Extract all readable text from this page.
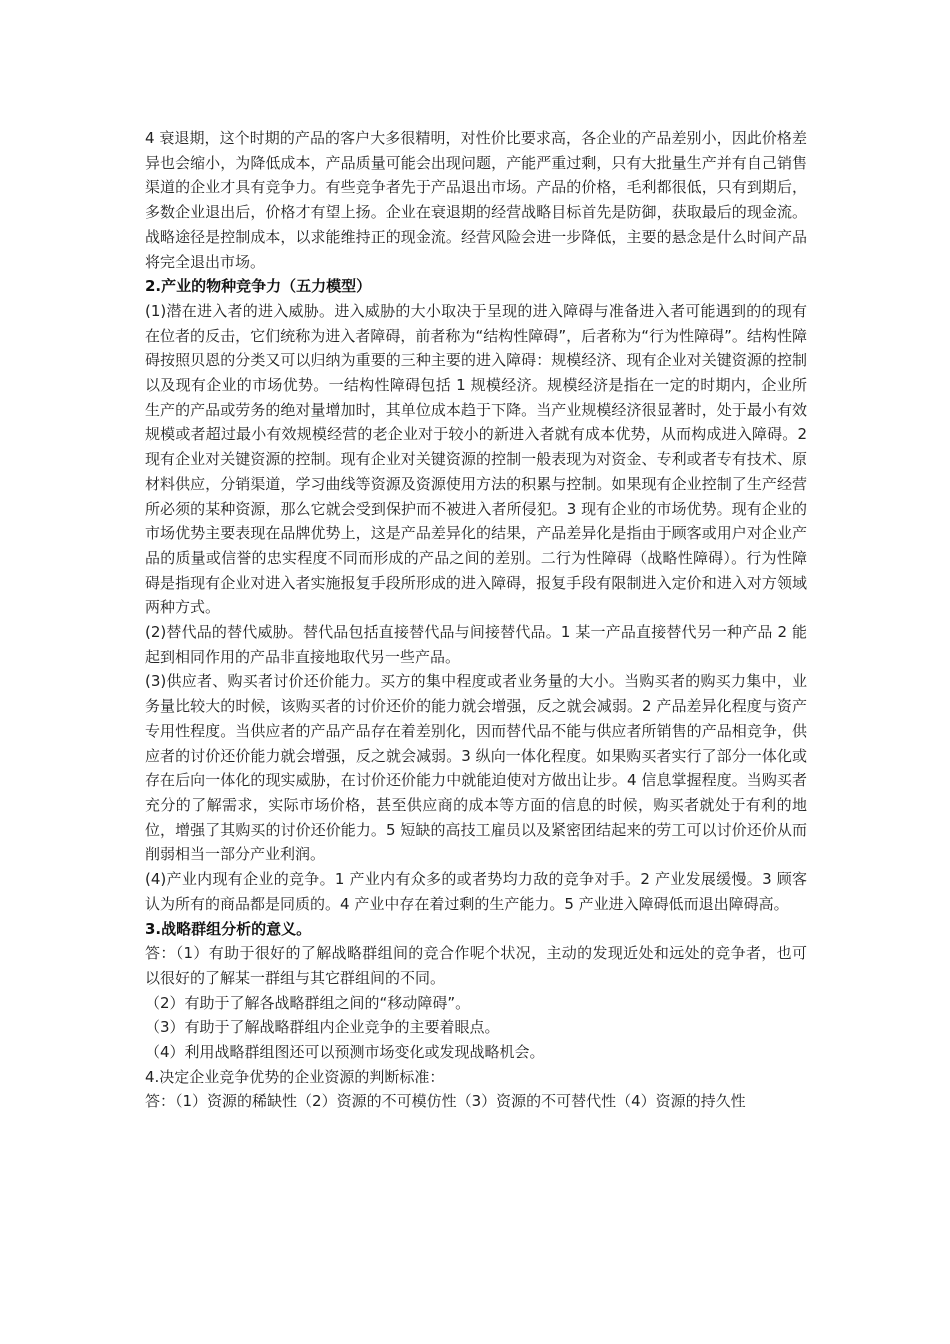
4 衰退期，这个时期的产品的客户大多很精明，对性价比要求高，各企业的产品差别小，因此价格差异也会缩小，为降低成本，产品质量可能会出现问题，产能严重过剩，只有大批量生产并有自己销售渠道的企业才具有竞争力。有些竞争者先于产品退出市场。产品的价格，毛利都很低，只有到期后，多数企业退出后，价格才有望上扬。企业在衰退期的经营战略目标首先是防御，获取最后的现金流。战略途径是控制成本，以求能维持正的现金流。经营风险会进一步降低，主要的悬念是什么时间产品将完全退出市场。

2.产业的物种竞争力（五力模型）

(1)潜在进入者的进入威胁。进入威胁的大小取决于呈现的进入障碍与准备进入者可能遇到的的现有在位者的反击，它们统称为进入者障碍，前者称为“结构性障碍”，后者称为“行为性障碍”。结构性障碍按照贝恩的分类又可以归纳为重要的三种主要的进入障碍：规模经济、现有企业对关键资源的控制以及现有企业的市场优势。一结构性障碍包括 1 规模经济。规模经济是指在一定的时期内，企业所生产的产品或劳务的绝对量增加时，其单位成本趋于下降。当产业规模经济很显著时，处于最小有效规模或者超过最小有效规模经营的老企业对于较小的新进入者就有成本优势，从而构成进入障碍。2 现有企业对关键资源的控制。现有企业对关键资源的控制一般表现为对资金、专利或者专有技术、原材料供应，分销渠道，学习曲线等资源及资源使用方法的积累与控制。如果现有企业控制了生产经营所必须的某种资源，那么它就会受到保护而不被进入者所侵犯。3 现有企业的市场优势。现有企业的市场优势主要表现在品牌优势上，这是产品差异化的结果，产品差异化是指由于顾客或用户对企业产品的质量或信誉的忠实程度不同而形成的产品之间的差别。二行为性障碍（战略性障碍）。行为性障碍是指现有企业对进入者实施报复手段所形成的进入障碍，报复手段有限制进入定价和进入对方领域两种方式。

(2)替代品的替代威胁。替代品包括直接替代品与间接替代品。1 某一产品直接替代另一种产品 2 能起到相同作用的产品非直接地取代另一些产品。

(3)供应者、购买者讨价还价能力。买方的集中程度或者业务量的大小。当购买者的购买力集中，业务量比较大的时候，该购买者的讨价还价的能力就会增强，反之就会减弱。2 产品差异化程度与资产专用性程度。当供应者的产品产品存在着差别化，因而替代品不能与供应者所销售的产品相竞争，供应者的讨价还价能力就会增强，反之就会减弱。3 纵向一体化程度。如果购买者实行了部分一体化或存在后向一体化的现实威胁，在讨价还价能力中就能迫使对方做出让步。4 信息掌握程度。当购买者充分的了解需求，实际市场价格，甚至供应商的成本等方面的信息的时候，购买者就处于有利的地位，增强了其购买的讨价还价能力。5 短缺的高技工雇员以及紧密团结起来的劳工可以讨价还价从而削弱相当一部分产业利润。

(4)产业内现有企业的竞争。1 产业内有众多的或者势均力敌的竞争对手。2 产业发展缓慢。3 顾客认为所有的商品都是同质的。4 产业中存在着过剩的生产能力。5 产业进入障碍低而退出障碍高。

3.战略群组分析的意义。

答：（1）有助于很好的了解战略群组间的竞合作呢个状况，主动的发现近处和远处的竞争者，也可以很好的了解某一群组与其它群组间的不同。

（2）有助于了解各战略群组之间的“移动障碍”。

（3）有助于了解战略群组内企业竞争的主要着眼点。

（4）利用战略群组图还可以预测市场变化或发现战略机会。

4.决定企业竞争优势的企业资源的判断标准：

答：（1）资源的稀缺性（2）资源的不可模仿性（3）资源的不可替代性（4）资源的持久性
